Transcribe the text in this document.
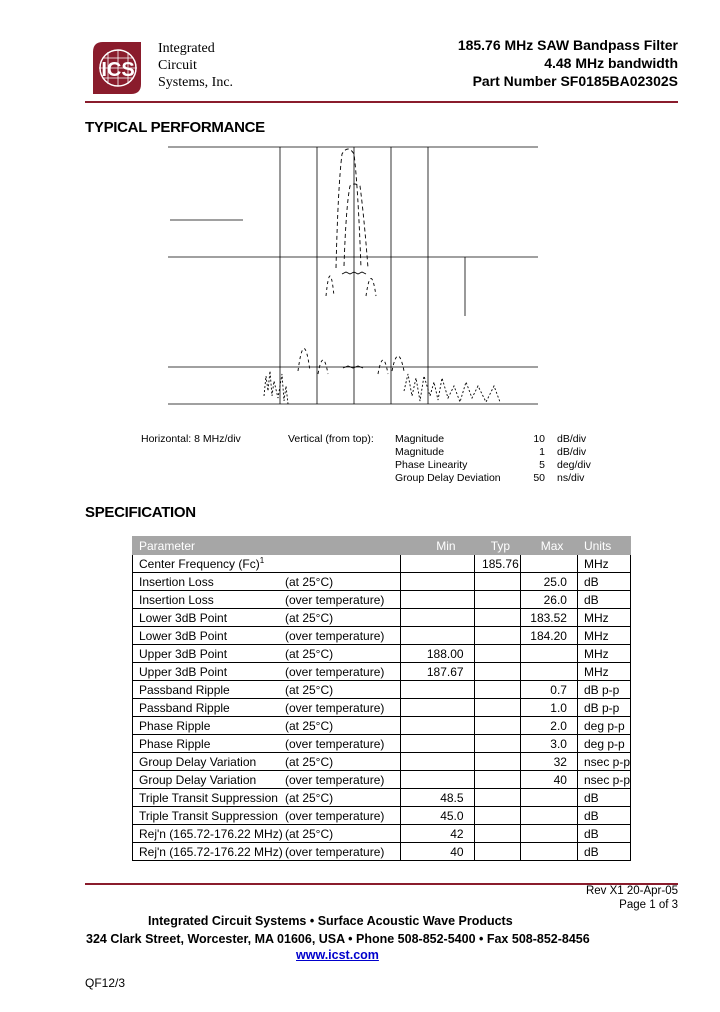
ICS
Integrated
Circuit
Systems, Inc.
185.76 MHz SAW Bandpass Filter
4.48 MHz bandwidth
Part Number SF0185BA02302S
TYPICAL PERFORMANCE
Horizontal: 8 MHz/div	Vertical (from top): Magnitude	10 dB/div
Magnitude	1 dB/div
Phase Linearity	5 deg/div
Group Delay Deviation	50 ns/div
SPECIFICATION
Parameter	Min	Typ	Max	Units
Center Frequency $(Fc)^1$		185.76		MHz
Insertion Loss (at 25°C)			25.0	dB
Insertion Loss (over temperature)			26.0	dB
Lower 3dB Point (at 25°C)			183.52	MHz
Lower 3dB Point (over temperature)			184.20	MHz
Upper 3dB Point (at 25°C)	188.00			MHz
Upper 3dB Point (over temperature)	187.67			MHz
Passband Ripple (at 25°C)			0.7	dB p-p
Passband Ripple (over temperature)			1.0	dB p-p
Phase Ripple (at 25°C)			2.0	deg p-p
Phase Ripple (over temperature)			3.0	deg p-p
Group Delay Variation (at 25°C)			32	nsec p-p
Group Delay Variation (over temperature)			40	nsec p-p
Triple Transit Suppression (at 25°C)	48.5			dB
Triple Transit Suppression (over temperature)	45.0			dB
Rej'n (165.72-176.22 MHz) (at 25°C)	42			dB
Rej'n (165.72-176.22 MHz) (over temperature)	40			dB
Rev X1 20-Apr-05
Page 1 of 3
Integrated Circuit Systems • Surface Acoustic Wave Products
324 Clark Street, Worcester, MA 01606, USA • Phone 508-852-5400 • Fax 508-852-8456
www.icst.com
QF12/3
